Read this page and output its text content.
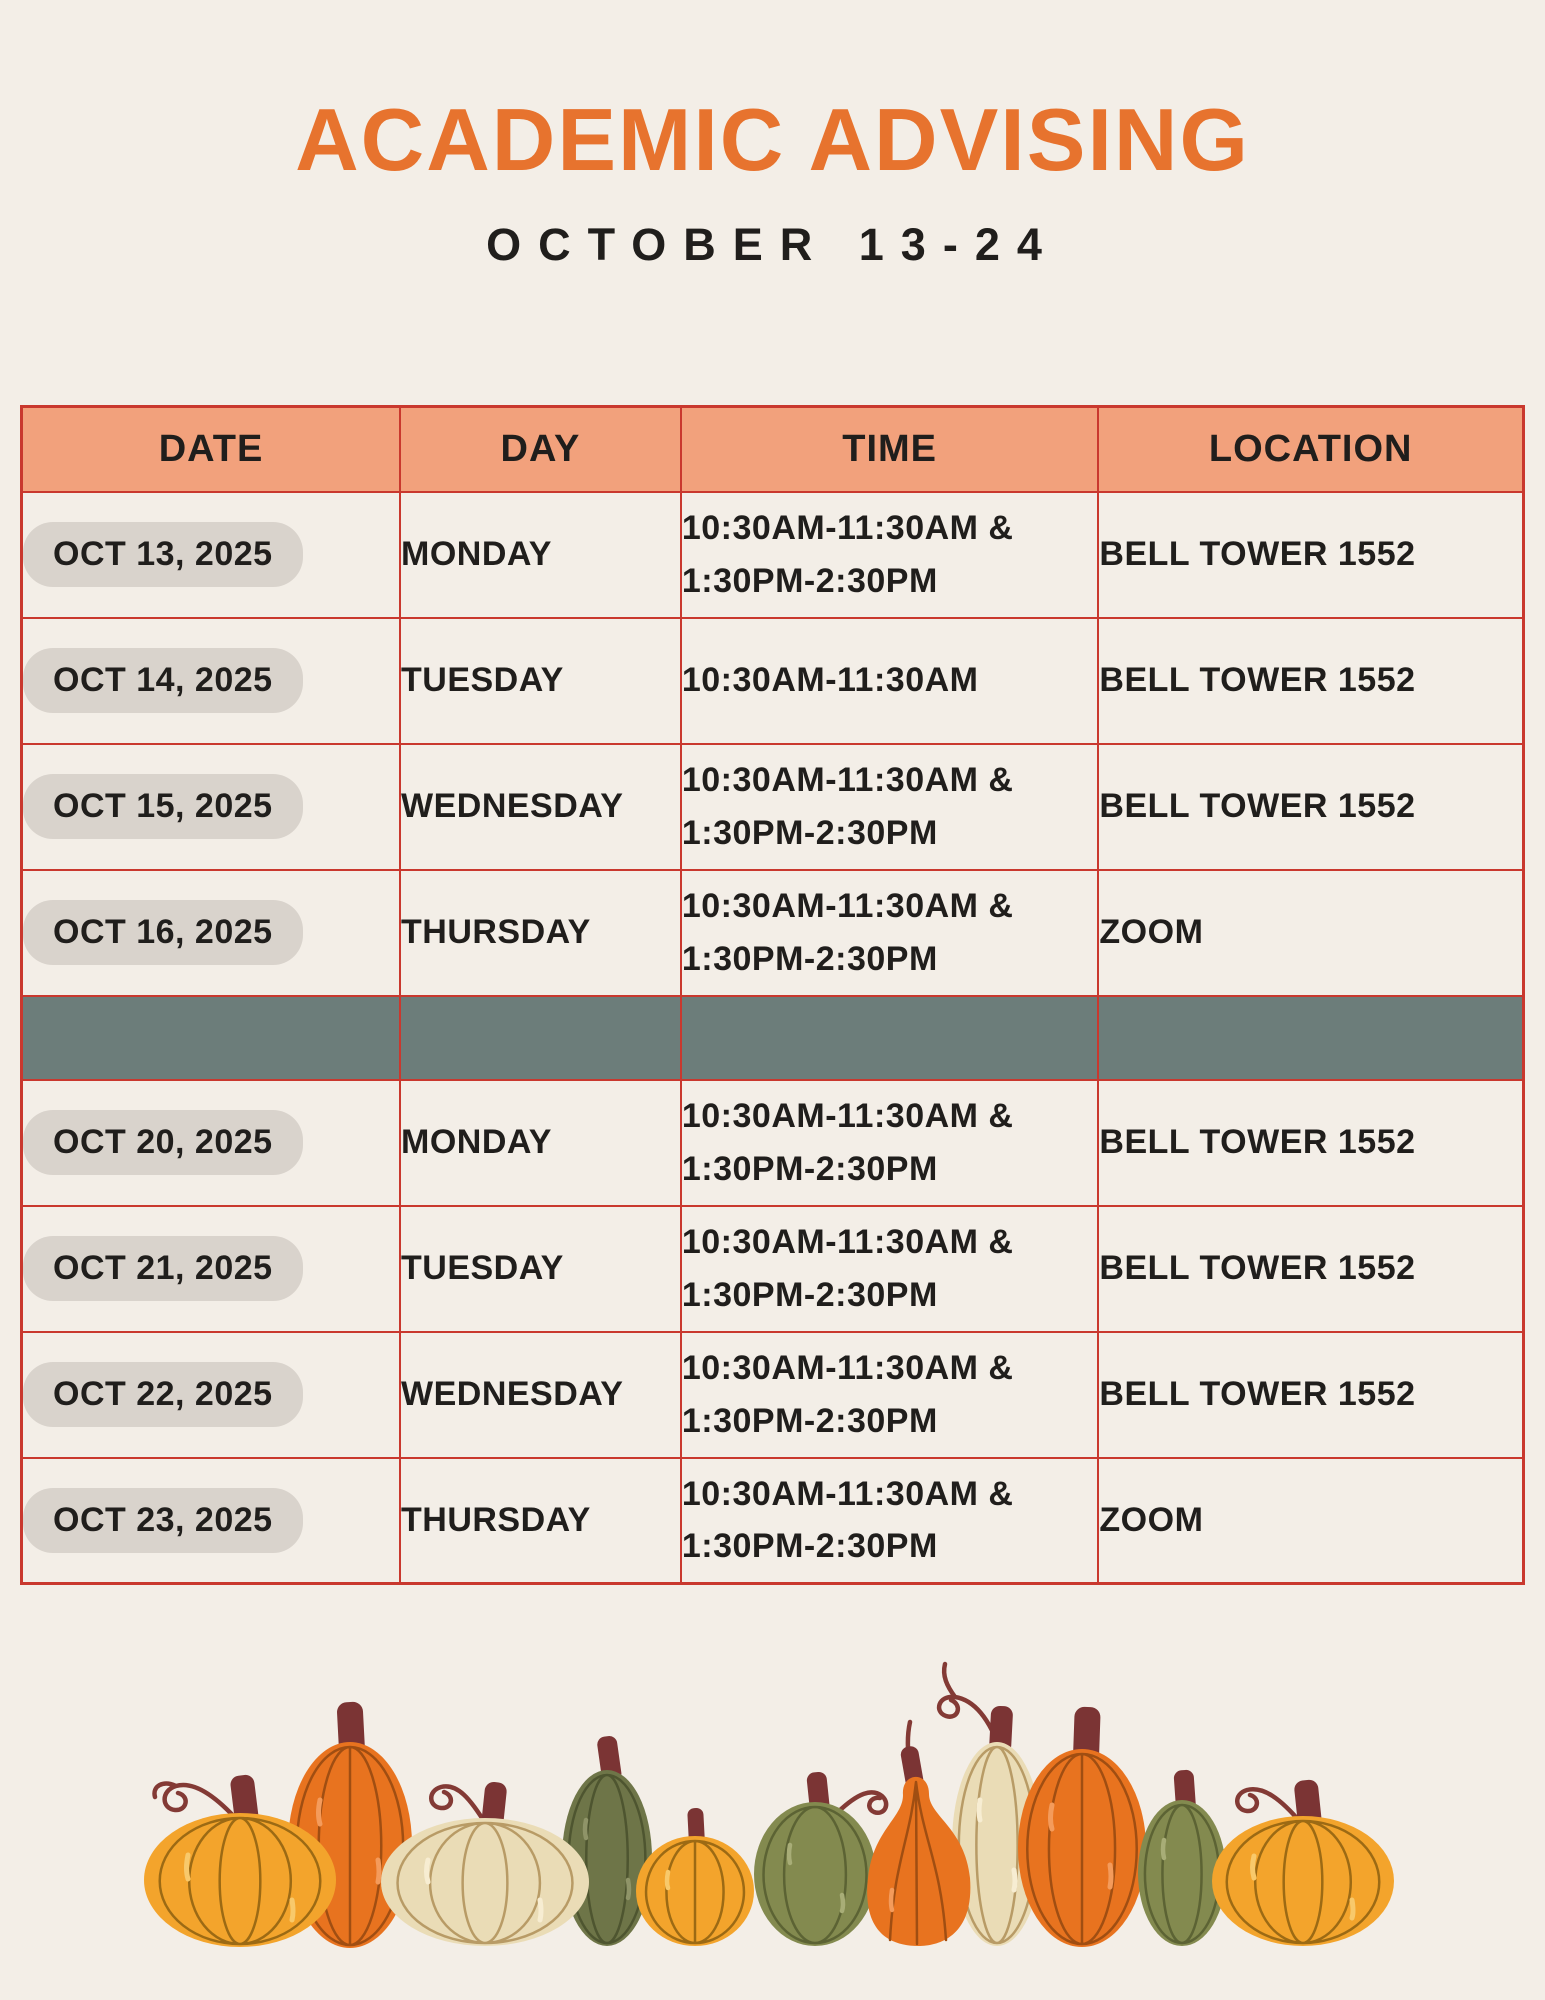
ACADEMIC ADVISING
OCTOBER 13-24
DATE	DAY	TIME	LOCATION
OCT 13, 2025	MONDAY	10:30AM-11:30AM &
1:30PM-2:30PM	BELL TOWER 1552
OCT 14, 2025	TUESDAY	10:30AM-11:30AM	BELL TOWER 1552
OCT 15, 2025	WEDNESDAY	10:30AM-11:30AM &
1:30PM-2:30PM	BELL TOWER 1552
OCT 16, 2025	THURSDAY	10:30AM-11:30AM &
1:30PM-2:30PM	ZOOM

OCT 20, 2025	MONDAY	10:30AM-11:30AM &
1:30PM-2:30PM	BELL TOWER 1552
OCT 21, 2025	TUESDAY	10:30AM-11:30AM &
1:30PM-2:30PM	BELL TOWER 1552
OCT 22, 2025	WEDNESDAY	10:30AM-11:30AM &
1:30PM-2:30PM	BELL TOWER 1552
OCT 23, 2025	THURSDAY	10:30AM-11:30AM &
1:30PM-2:30PM	ZOOM
